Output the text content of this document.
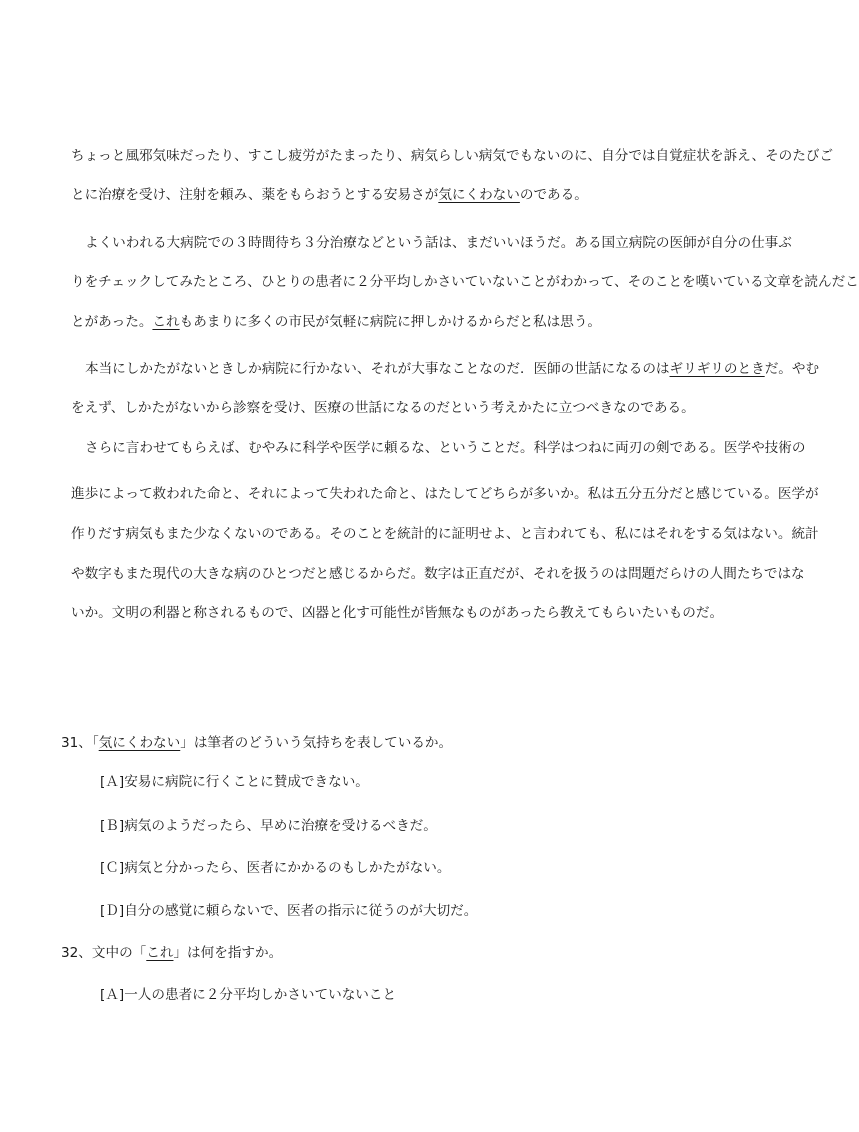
ちょっと風邪気味だったり、すこし疲労がたまったり、病気らしい病気でもないのに、自分では自覚症状を訴え、そのたびご
とに治療を受け、注射を頼み、薬をもらおうとする安易さが気にくわないのである。
よくいわれる大病院での３時間待ち３分治療などという話は、まだいいほうだ。ある国立病院の医師が自分の仕事ぶ
りをチェックしてみたところ、ひとりの患者に２分平均しかさいていないことがわかって、そのことを嘆いている文章を読んだこ
とがあった。これもあまりに多くの市民が気軽に病院に押しかけるからだと私は思う。
本当にしかたがないときしか病院に行かない、それが大事なことなのだ．医師の世話になるのはギリギリのときだ。やむ
をえず、しかたがないから診察を受け、医療の世話になるのだという考えかたに立つべきなのである。
さらに言わせてもらえば、むやみに科学や医学に頼るな、ということだ。科学はつねに両刃の剣である。医学や技術の
進歩によって救われた命と、それによって失われた命と、はたしてどちらが多いか。私は五分五分だと感じている。医学が
作りだす病気もまた少なくないのである。そのことを統計的に証明せよ、と言われても、私にはそれをする気はない。統計
や数字もまた現代の大きな病のひとつだと感じるからだ。数字は正直だが、それを扱うのは問題だらけの人間たちではな
いか。文明の利器と称されるもので、凶器と化す可能性が皆無なものがあったら教えてもらいたいものだ。
31、「気にくわない」は筆者のどういう気持ちを表しているか。
[Ａ]安易に病院に行くことに賛成できない。
[Ｂ]病気のようだったら、早めに治療を受けるべきだ。
[Ｃ]病気と分かったら、医者にかかるのもしかたがない。
[Ｄ]自分の感覚に頼らないで、医者の指示に従うのが大切だ。
32、文中の「これ」は何を指すか。
[Ａ]一人の患者に２分平均しかさいていないこと
